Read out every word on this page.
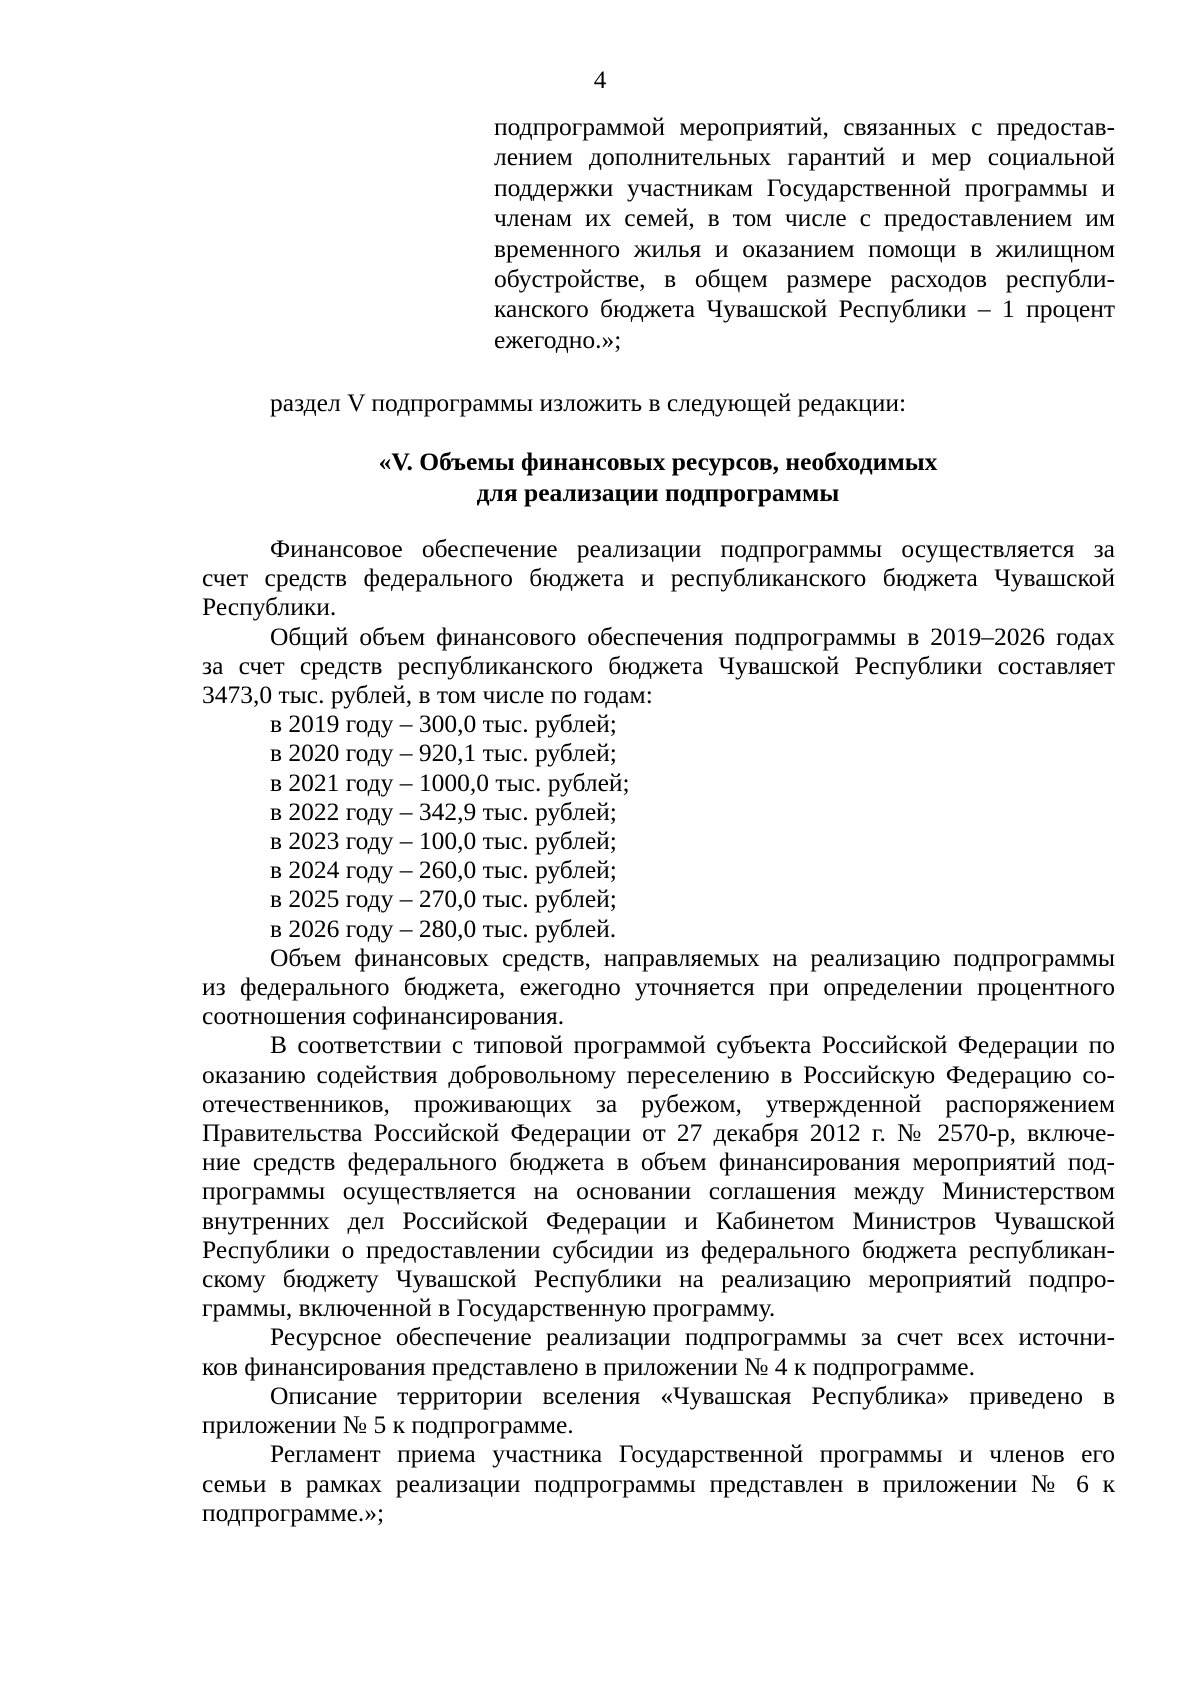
4
подпрограммой мероприятий, связанных с предостав-
лением дополнительных гарантий и мер социальной
поддержки участникам Государственной программы и
членам их семей, в том числе с предоставлением им
временного жилья и оказанием помощи в жилищном
обустройстве, в общем размере расходов республи-
канского бюджета Чувашской Республики – 1 процент
ежегодно.»;
раздел V подпрограммы изложить в следующей редакции:
«V. Объемы финансовых ресурсов, необходимых
для реализации подпрограммы
Финансовое обеспечение реализации подпрограммы осуществляется за
счет средств федерального бюджета и республиканского бюджета Чувашской
Республики.
Общий объем финансового обеспечения подпрограммы в 2019–2026 годах
за счет средств республиканского бюджета Чувашской Республики составляет
3473,0 тыс. рублей, в том числе по годам:
в 2019 году – 300,0 тыс. рублей;
в 2020 году – 920,1 тыс. рублей;
в 2021 году – 1000,0 тыс. рублей;
в 2022 году – 342,9 тыс. рублей;
в 2023 году – 100,0 тыс. рублей;
в 2024 году – 260,0 тыс. рублей;
в 2025 году – 270,0 тыс. рублей;
в 2026 году – 280,0 тыс. рублей.
Объем финансовых средств, направляемых на реализацию подпрограммы
из федерального бюджета, ежегодно уточняется при определении процентного
соотношения софинансирования.
В соответствии с типовой программой субъекта Российской Федерации по
оказанию содействия добровольному переселению в Российскую Федерацию со-
отечественников, проживающих за рубежом, утвержденной распоряжением
Правительства Российской Федерации от 27 декабря 2012 г. № 2570-р, включе-
ние средств федерального бюджета в объем финансирования мероприятий под-
программы осуществляется на основании соглашения между Министерством
внутренних дел Российской Федерации и Кабинетом Министров Чувашской
Республики о предоставлении субсидии из федерального бюджета республикан-
скому бюджету Чувашской Республики на реализацию мероприятий подпро-
граммы, включенной в Государственную программу.
Ресурсное обеспечение реализации подпрограммы за счет всех источни-
ков финансирования представлено в приложении № 4 к подпрограмме.
Описание территории вселения «Чувашская Республика» приведено в
приложении № 5 к подпрограмме.
Регламент приема участника Государственной программы и членов его
семьи в рамках реализации подпрограммы представлен в приложении № 6 к
подпрограмме.»;
